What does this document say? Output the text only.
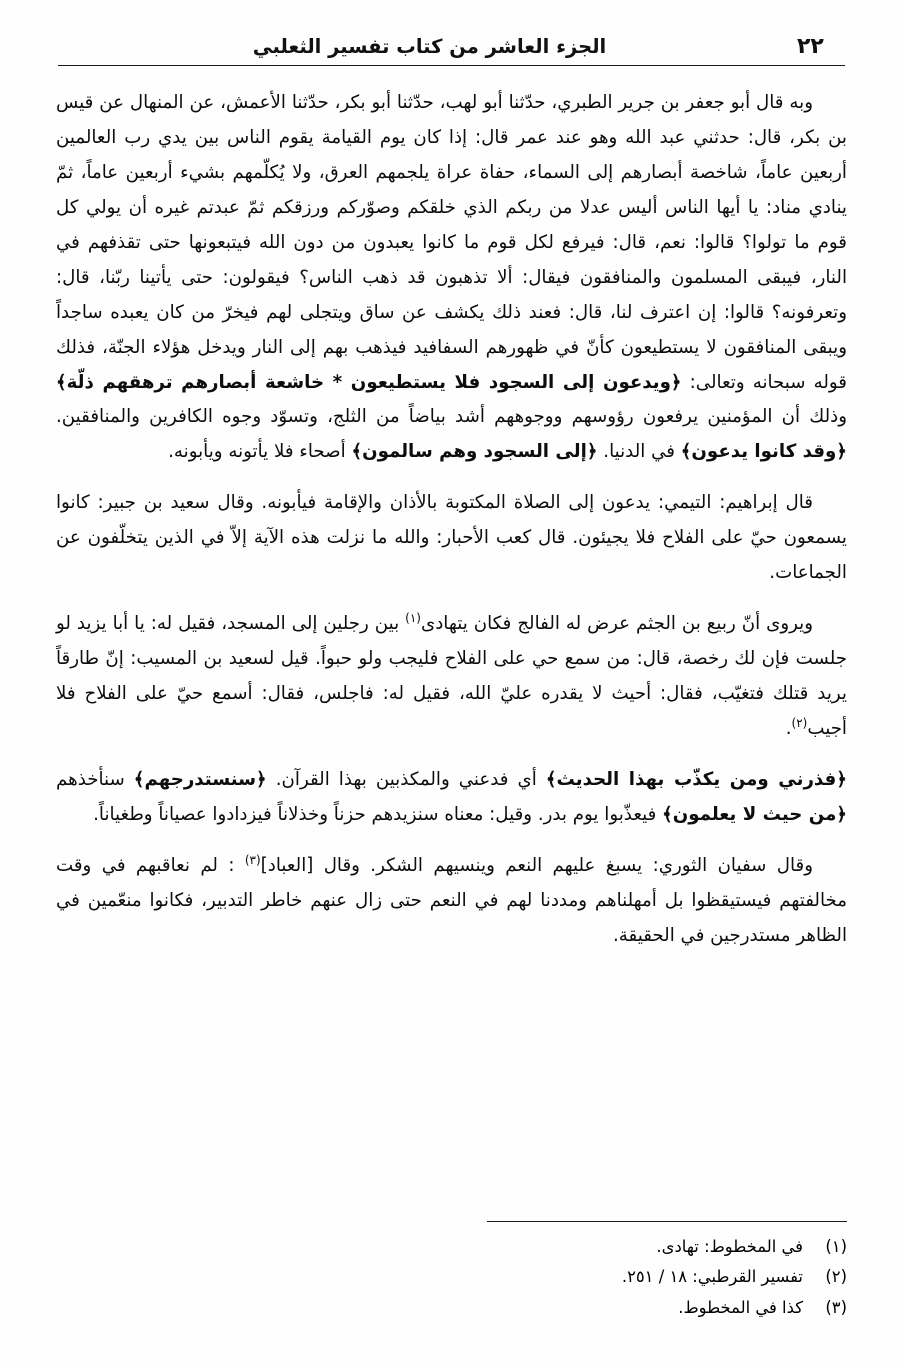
الجزء العاشر من كتاب تفسير الثعلبي	٢٢

وبه قال أبو جعفر بن جرير الطبري، حدّثنا أبو لهب، حدّثنا أبو بكر، حدّثنا الأعمش، عن المنهال عن قيس بن بكر، قال: حدثني عبد الله وهو عند عمر قال: إذا كان يوم القيامة يقوم الناس بين يدي رب العالمين أربعين عاماً، شاخصة أبصارهم إلى السماء، حفاة عراة يلجمهم العرق، ولا يُكلّمهم بشيء أربعين عاماً، ثمّ ينادي مناد: يا أيها الناس أليس عدلا من ربكم الذي خلقكم وصوّركم ورزقكم ثمّ عبدتم غيره أن يولي كل قوم ما تولوا؟ قالوا: نعم، قال: فيرفع لكل قوم ما كانوا يعبدون من دون الله فيتبعونها حتى تقذفهم في النار، فيبقى المسلمون والمنافقون فيقال: ألا تذهبون قد ذهب الناس؟ فيقولون: حتى يأتينا ربّنا، قال: وتعرفونه؟ قالوا: إن اعترف لنا، قال: فعند ذلك يكشف عن ساق ويتجلى لهم فيخرّ من كان يعبده ساجداً ويبقى المنافقون لا يستطيعون كأنّ في ظهورهم السفافيد فيذهب بهم إلى النار ويدخل هؤلاء الجنّة، فذلك قوله سبحانه وتعالى: ﴿ويدعون إلى السجود فلا يستطيعون * خاشعة أبصارهم ترهقهم ذلّة﴾ وذلك أن المؤمنين يرفعون رؤوسهم ووجوههم أشد بياضاً من الثلج، وتسوّد وجوه الكافرين والمنافقين. ﴿وقد كانوا يدعون﴾ في الدنيا. ﴿إلى السجود وهم سالمون﴾ أصحاء فلا يأتونه ويأبونه.

قال إبراهيم: التيمي: يدعون إلى الصلاة المكتوبة بالأذان والإقامة فيأبونه. وقال سعيد بن جبير: كانوا يسمعون حيّ على الفلاح فلا يجيئون. قال كعب الأحبار: والله ما نزلت هذه الآية إلاّ في الذين يتخلّفون عن الجماعات.

ويروى أنّ ربيع بن الجثم عرض له الفالج فكان يتهادى$^{(١)}$ بين رجلين إلى المسجد، فقيل له: يا أبا يزيد لو جلست فإن لك رخصة، قال: من سمع حي على الفلاح فليجب ولو حبواً. قيل لسعيد بن المسيب: إنّ طارقاً يريد قتلك فتغيّب، فقال: أحيث لا يقدره عليّ الله، فقيل له: فاجلس، فقال: أسمع حيّ على الفلاح فلا أجيب$^{(٢)}$.

﴿فذرني ومن يكذّب بهذا الحديث﴾ أي فدعني والمكذبين بهذا القرآن. ﴿سنستدرجهم﴾ سنأخذهم ﴿من حيث لا يعلمون﴾ فيعذّبوا يوم بدر. وقيل: معناه سنزيدهم حزناً وخذلاناً فيزدادوا عصياناً وطغياناً.

وقال سفيان الثوري: يسبغ عليهم النعم وينسيهم الشكر. وقال [العباد]$^{(٣)}$ : لم نعاقبهم في وقت مخالفتهم فيستيقظوا بل أمهلناهم ومددنا لهم في النعم حتى زال عنهم خاطر التدبير، فكانوا منعّمين في الظاهر مستدرجين في الحقيقة.

(١)
في المخطوط: تهادى.
(٢)
تفسير القرطبي: ١٨ / ٢٥١.
(٣)
كذا في المخطوط.
